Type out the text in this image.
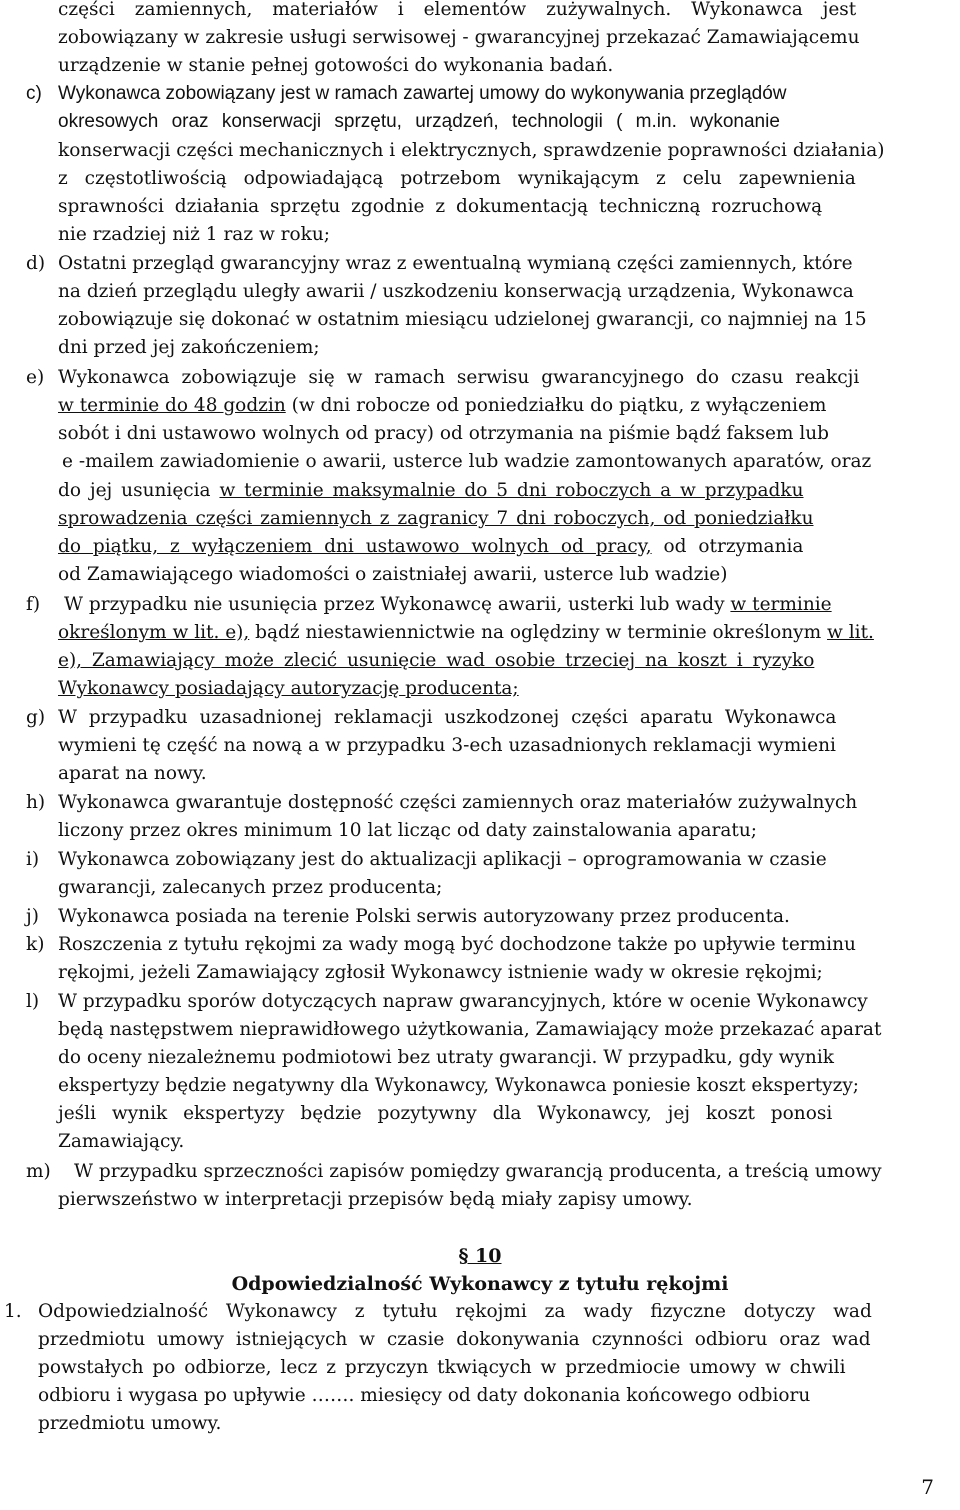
części zamiennych, materiałów i elementów zużywalnych. Wykonawca jest
zobowiązany w zakresie usługi serwisowej - gwarancyjnej przekazać Zamawiającemu
urządzenie w stanie pełnej gotowości do wykonania badań.
c) Wykonawca zobowiązany jest w ramach zawartej umowy do wykonywania przeglądów
okresowych oraz konserwacji sprzętu, urządzeń, technologii ( m.in. wykonanie
konserwacji części mechanicznych i elektrycznych, sprawdzenie poprawności działania)
z częstotliwością odpowiadającą potrzebom wynikającym z celu zapewnienia
sprawności działania sprzętu zgodnie z dokumentacją techniczną rozruchową
nie rzadziej niż 1 raz w roku;
d) Ostatni przegląd gwarancyjny wraz z ewentualną wymianą części zamiennych, które
na dzień przeglądu uległy awarii / uszkodzeniu konserwacją urządzenia, Wykonawca
zobowiązuje się dokonać w ostatnim miesiącu udzielonej gwarancji, co najmniej na 15
dni przed jej zakończeniem;
e) Wykonawca zobowiązuje się w ramach serwisu gwarancyjnego do czasu reakcji
w terminie do 48 godzin (w dni robocze od poniedziałku do piątku, z wyłączeniem
sobót i dni ustawowo wolnych od pracy) od otrzymania na piśmie bądź faksem lub
e -mailem zawiadomienie o awarii, usterce lub wadzie zamontowanych aparatów, oraz
do jej usunięcia w terminie maksymalnie do 5 dni roboczych a w przypadku
sprowadzenia części zamiennych z zagranicy 7 dni roboczych, od poniedziałku
do piątku, z wyłączeniem dni ustawowo wolnych od pracy, od otrzymania
od Zamawiającego wiadomości o zaistniałej awarii, usterce lub wadzie)
f) W przypadku nie usunięcia przez Wykonawcę awarii, usterki lub wady w terminie
określonym w lit. e), bądź niestawiennictwie na oględziny w terminie określonym w lit.
e), Zamawiający może zlecić usunięcie wad osobie trzeciej na koszt i ryzyko
Wykonawcy posiadający autoryzację producenta;
g) W przypadku uzasadnionej reklamacji uszkodzonej części aparatu Wykonawca
wymieni tę część na nową a w przypadku 3-ech uzasadnionych reklamacji wymieni
aparat na nowy.
h) Wykonawca gwarantuje dostępność części zamiennych oraz materiałów zużywalnych
liczony przez okres minimum 10 lat licząc od daty zainstalowania aparatu;
i) Wykonawca zobowiązany jest do aktualizacji aplikacji – oprogramowania w czasie
gwarancji, zalecanych przez producenta;
j) Wykonawca posiada na terenie Polski serwis autoryzowany przez producenta.
k) Roszczenia z tytułu rękojmi za wady mogą być dochodzone także po upływie terminu
rękojmi, jeżeli Zamawiający zgłosił Wykonawcy istnienie wady w okresie rękojmi;
l) W przypadku sporów dotyczących napraw gwarancyjnych, które w ocenie Wykonawcy
będą następstwem nieprawidłowego użytkowania, Zamawiający może przekazać aparat
do oceny niezależnemu podmiotowi bez utraty gwarancji. W przypadku, gdy wynik
ekspertyzy będzie negatywny dla Wykonawcy, Wykonawca poniesie koszt ekspertyzy;
jeśli wynik ekspertyzy będzie pozytywny dla Wykonawcy, jej koszt ponosi
Zamawiający.
m) W przypadku sprzeczności zapisów pomiędzy gwarancją producenta, a treścią umowy
pierwszeństwo w interpretacji przepisów będą miały zapisy umowy.
§ 10
Odpowiedzialność Wykonawcy z tytułu rękojmi
1. Odpowiedzialność Wykonawcy z tytułu rękojmi za wady fizyczne dotyczy wad
przedmiotu umowy istniejących w czasie dokonywania czynności odbioru oraz wad
powstałych po odbiorze, lecz z przyczyn tkwiących w przedmiocie umowy w chwili
odbioru i wygasa po upływie ……. miesięcy od daty dokonania końcowego odbioru
przedmiotu umowy.
7
